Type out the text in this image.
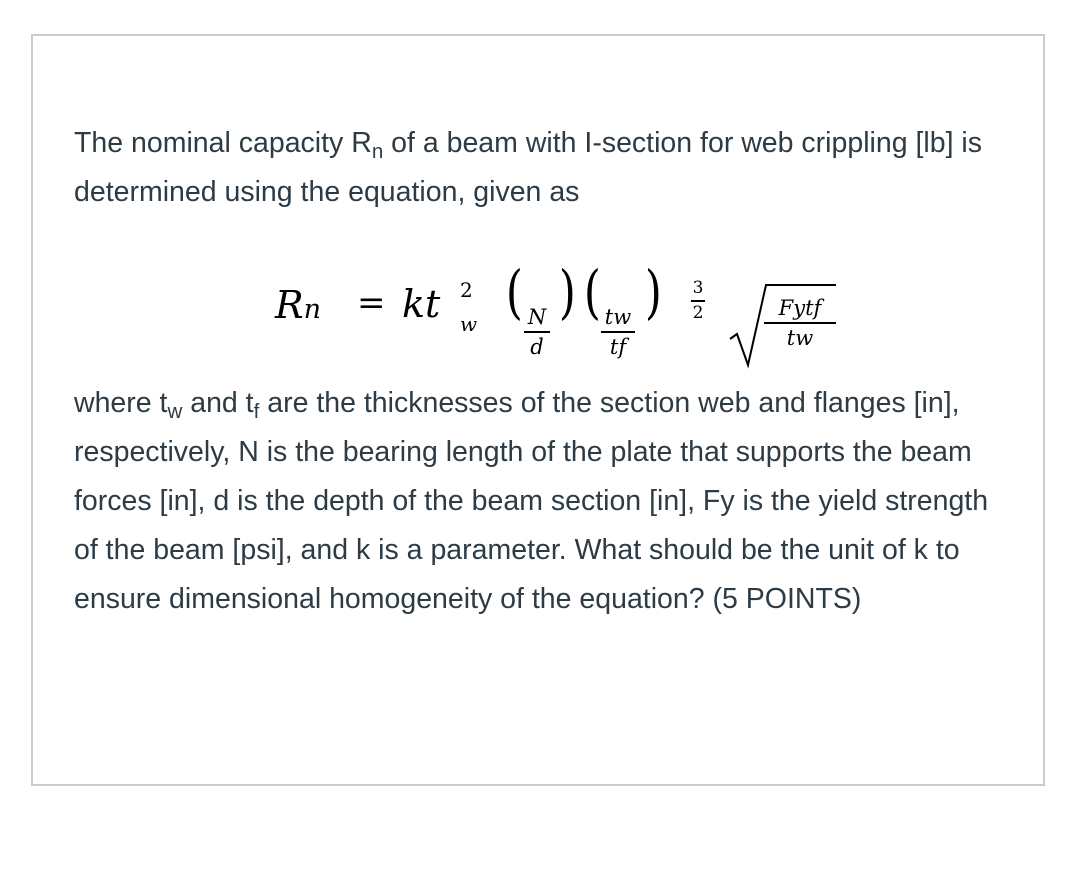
The nominal capacity $R_n$ of a beam with I-section for web crippling [lb] is determined using the equation, given as

Rn = kt 2
w ( N
d
) ( tw
tf
) 3
2	Fytf
tw

where $t_w$ and $t_f$ are the thicknesses of the section web and flanges [in], respectively, N is the bearing length of the plate that supports the beam forces [in], d is the depth of the beam section [in], Fy is the yield strength of the beam [psi], and k is a parameter. What should be the unit of k to ensure dimensional homogeneity of the equation? (5 POINTS)
